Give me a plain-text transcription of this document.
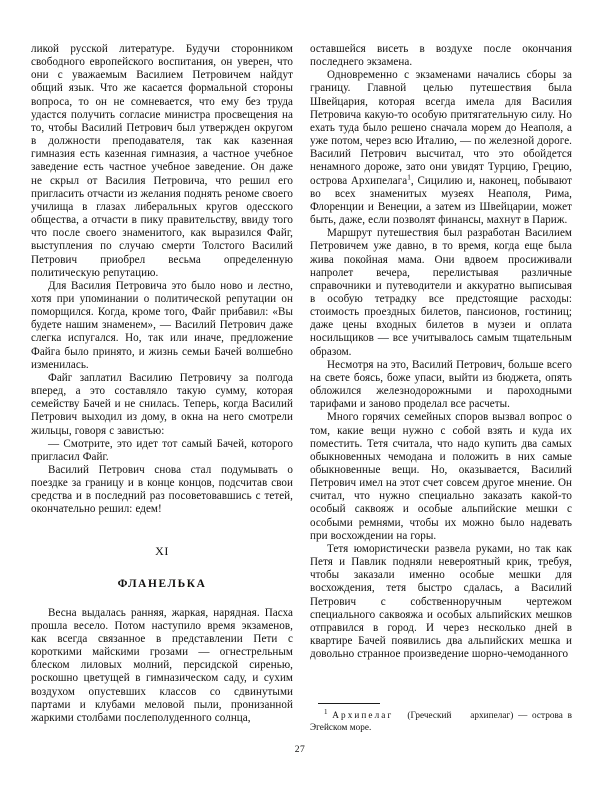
ликой русской литературе. Будучи сторонником свободного европейского воспитания, он уверен, что они с уважаемым Василием Петровичем найдут общий язык. Что же касается формальной стороны вопроса, то он не сомневается, что ему без труда удастся получить согласие министра просвещения на то, чтобы Василий Петрович был утвержден округом в должности преподавателя, так как казенная гимназия есть казенная гимназия, а частное учебное заведение есть частное учебное заведение. Он даже не скрыл от Василия Петровича, что решил его пригласить отчасти из желания поднять реноме своего училища в глазах либеральных кругов одесского общества, а отчасти в пику правительству, ввиду того что после своего знаменитого, как выразился Файг, выступления по случаю смерти Толстого Василий Петрович приобрел весьма определенную политическую репутацию.

Для Василия Петровича это было ново и лестно, хотя при упоминании о политической репутации он поморщился. Когда, кроме того, Файг прибавил: «Вы будете нашим знаменем», — Василий Петрович даже слегка испугался. Но, так или иначе, предложение Файга было принято, и жизнь семьи Бачей волшебно изменилась.

Файг заплатил Василию Петровичу за полгода вперед, а это составляло такую сумму, которая семейству Бачей и не снилась. Теперь, когда Василий Петрович выходил из дому, в окна на него смотрели жильцы, говоря с завистью:

— Смотрите, это идет тот самый Бачей, которого пригласил Файг.

Василий Петрович снова стал подумывать о поездке за границу и в конце концов, подсчитав свои средства и в последний раз посоветовавшись с тетей, окончательно решил: едем!

XI
ФЛАНЕЛЬКА

Весна выдалась ранняя, жаркая, нарядная. Пасха прошла весело. Потом наступило время экзаменов, как всегда связанное в представлении Пети с короткими майскими грозами — огнестрельным блеском лиловых молний, персидской сиренью, роскошно цветущей в гимназическом саду, и сухим воздухом опустевших классов со сдвинутыми партами и клубами меловой пыли, пронизанной жаркими столбами послеполуденного солнца,

оставшейся висеть в воздухе после окончания последнего экзамена.

Одновременно с экзаменами начались сборы за границу. Главной целью путешествия была Швейцария, которая всегда имела для Василия Петровича какую-то особую притягательную силу. Но ехать туда было решено сначала морем до Неаполя, а уже потом, через всю Италию, — по железной дороге. Василий Петрович высчитал, что это обойдется ненамного дороже, зато они увидят Турцию, Грецию, острова Архипелага$^1$, Сицилию и, наконец, побывают во всех знаменитых музеях Неаполя, Рима, Флоренции и Венеции, а затем из Швейцарии, может быть, даже, если позволят финансы, махнут в Париж.

Маршрут путешествия был разработан Василием Петровичем уже давно, в то время, когда еще была жива покойная мама. Они вдвоем просиживали напролет вечера, перелистывая различные справочники и путеводители и аккуратно выписывая в особую тетрадку все предстоящие расходы: стоимость проездных билетов, пансионов, гостиниц; даже цены входных билетов в музеи и оплата носильщиков — все учитывалось самым тщательным образом.

Несмотря на это, Василий Петрович, больше всего на свете боясь, боже упаси, выйти из бюджета, опять обложился железнодорожными и пароходными тарифами и заново проделал все расчеты.

Много горячих семейных споров вызвал вопрос о том, какие вещи нужно с собой взять и куда их поместить. Тетя считала, что надо купить два самых обыкновенных чемодана и положить в них самые обыкновенные вещи. Но, оказывается, Василий Петрович имел на этот счет совсем другое мнение. Он считал, что нужно специально заказать какой-то особый саквояж и особые альпийские мешки с особыми ремнями, чтобы их можно было надевать при восхождении на горы.

Тетя юмористически развела руками, но так как Петя и Павлик подняли невероятный крик, требуя, чтобы заказали именно особые мешки для восхождения, тетя быстро сдалась, а Василий Петрович с собственноручным чертежом специального саквояжа и особых альпийских мешков отправился в город. И через несколько дней в квартире Бачей появились два альпийских мешка и довольно странное произведение шорно-чемоданного

$^1$ Архипелаг (Греческий архипелаг) — острова в Эгейском море.

27
